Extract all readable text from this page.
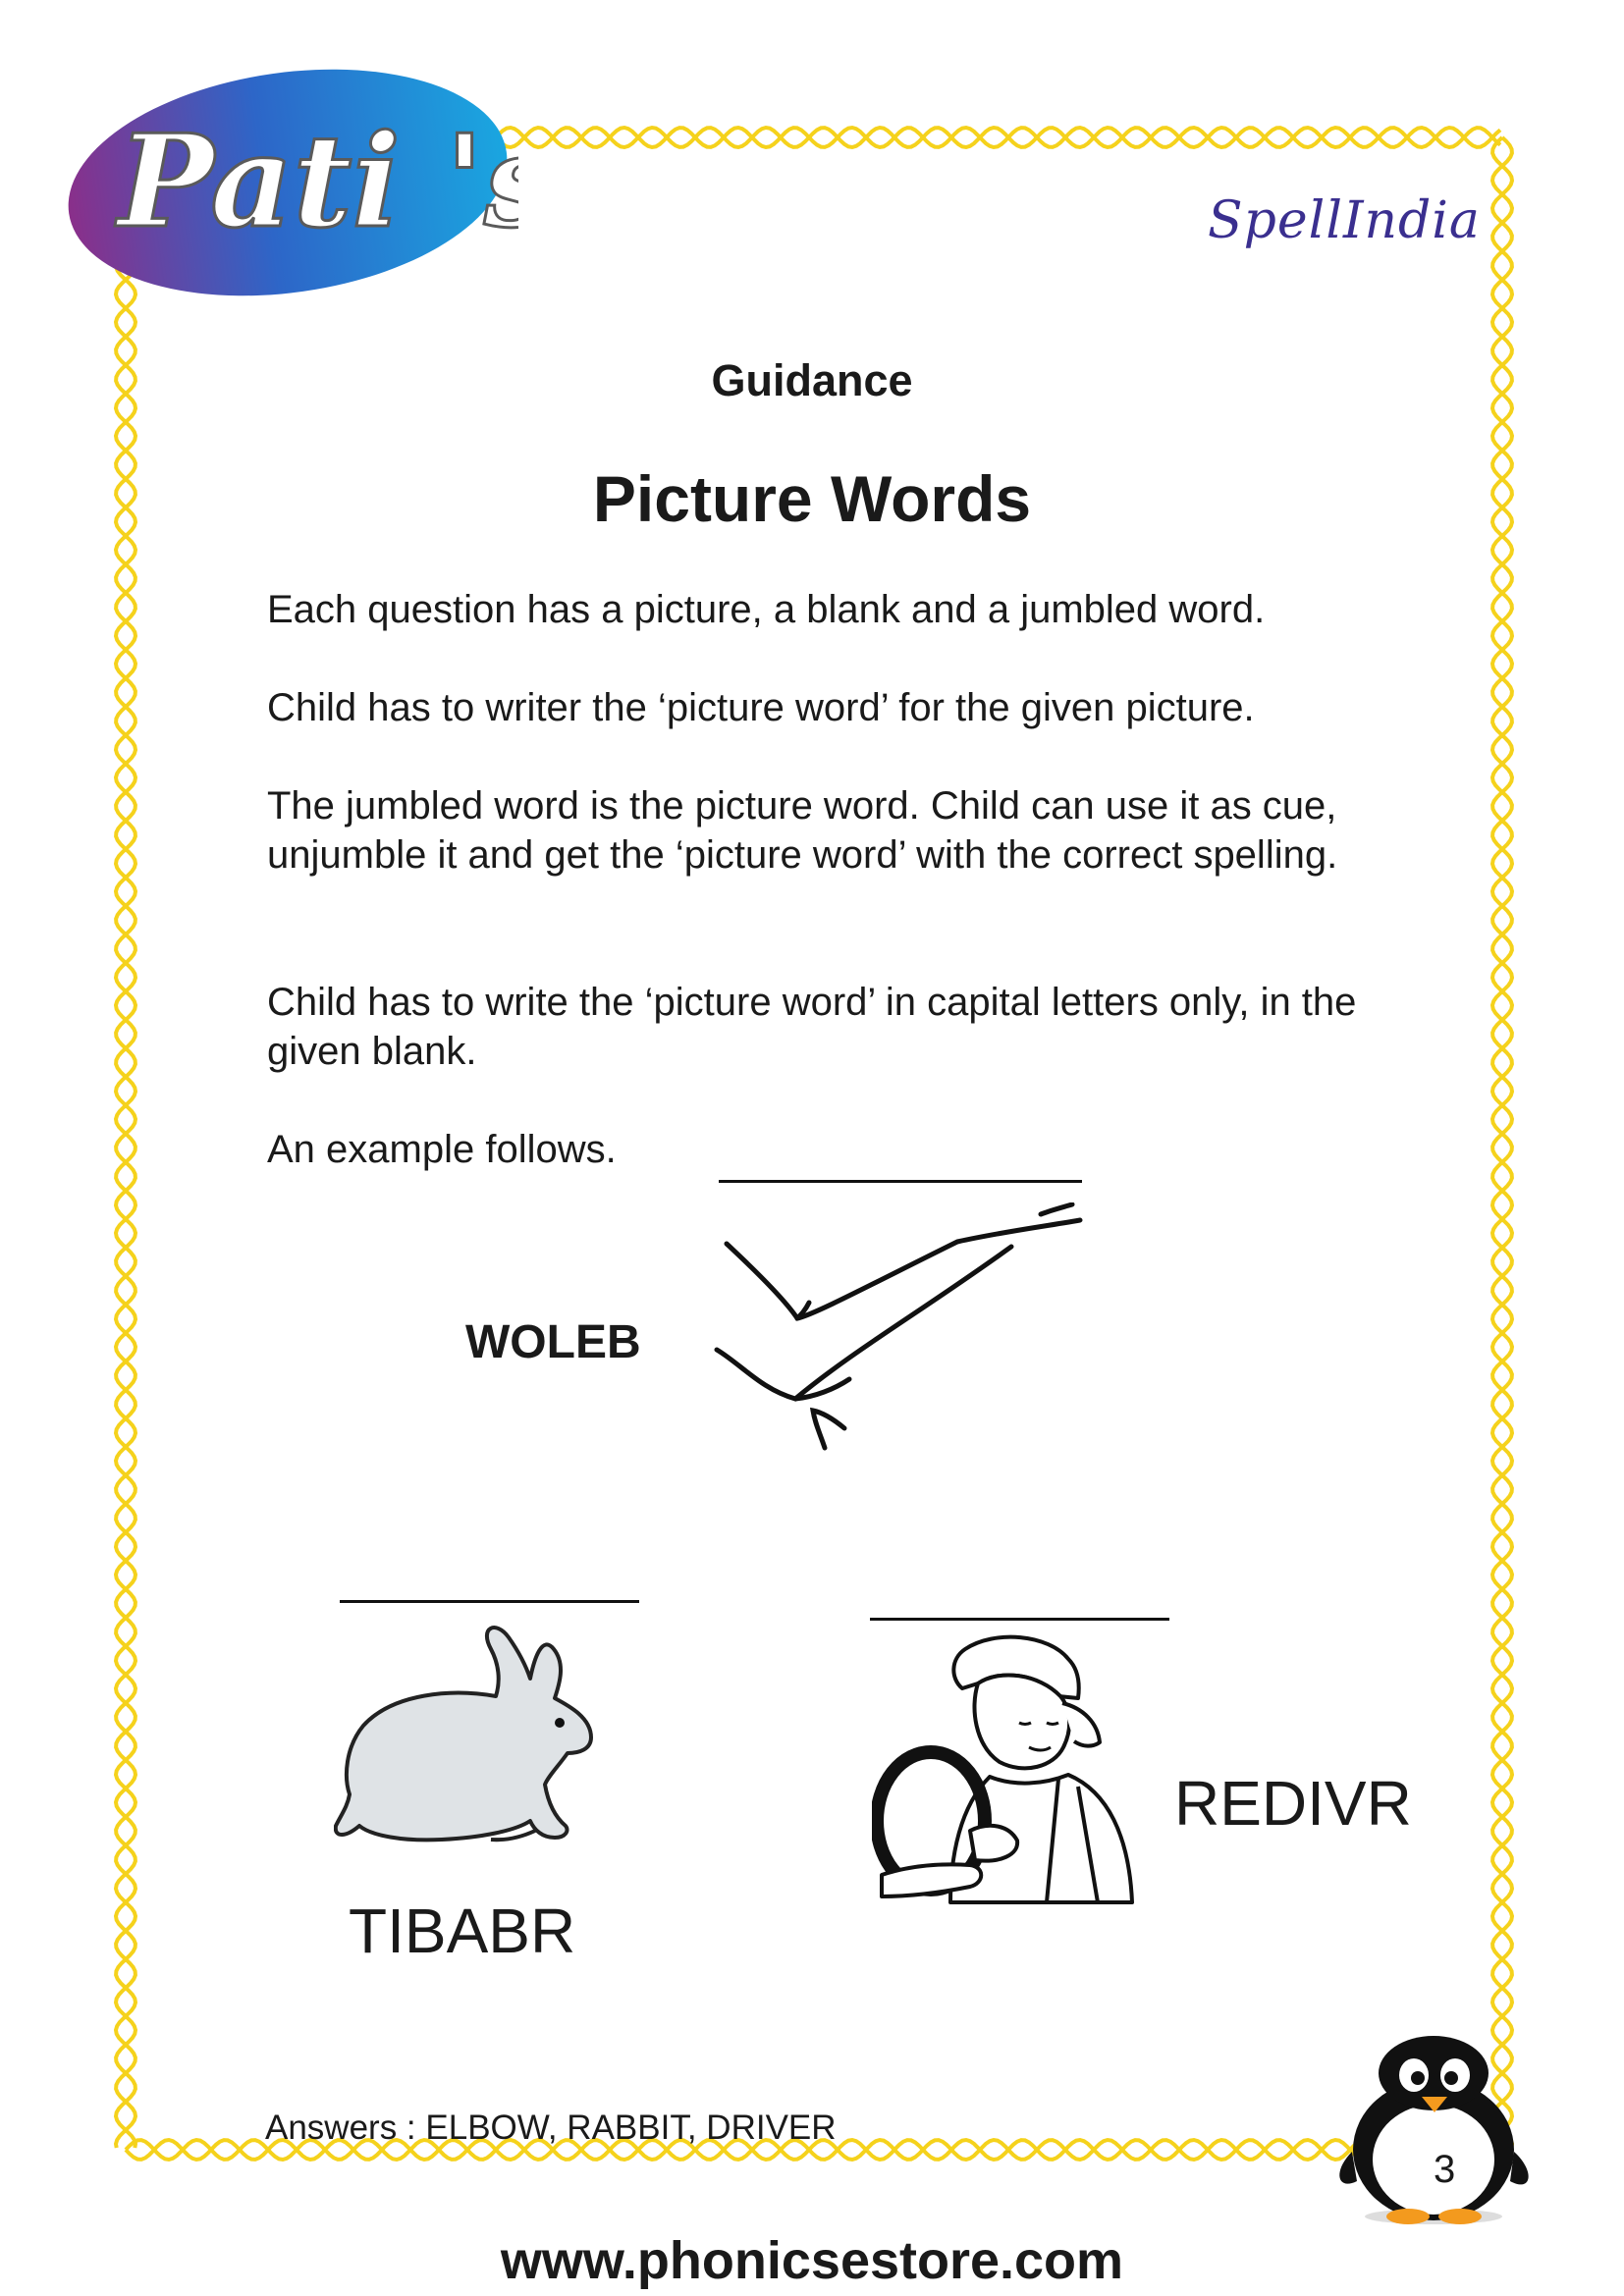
Pati 's	SpellIndia
Guidance
Picture Words
Each question has a picture, a blank and a jumbled word.
Child has to writer the ‘picture word’ for the given picture.
The jumbled word is the picture word. Child can use it as cue, unjumble it and get the ‘picture word’ with the correct spelling.
Child has to write the ‘picture word’ in capital letters only, in the given blank.
An example follows.
WOLEB
TIBABR
REDIVR
Answers : ELBOW, RABBIT, DRIVER
3
www.phonicsestore.com
